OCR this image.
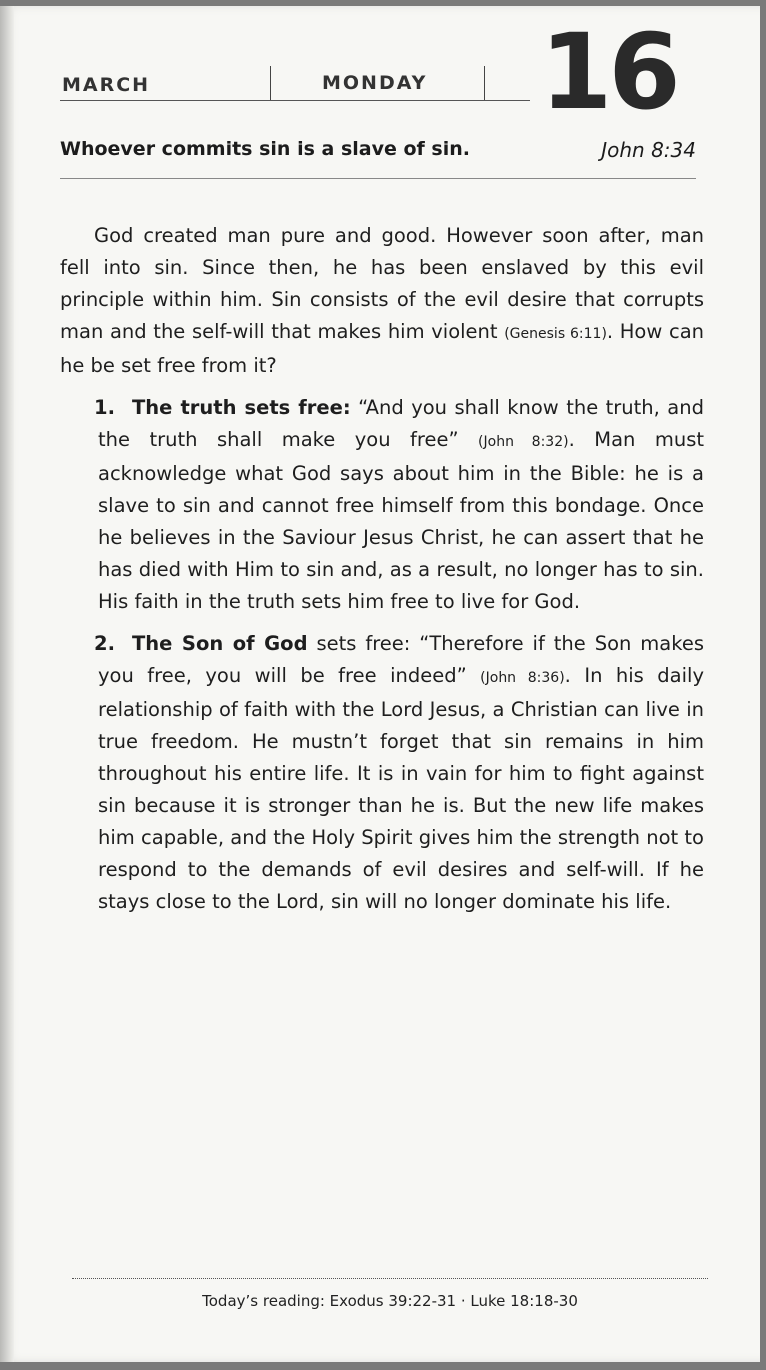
MARCH	MONDAY 16
Whoever commits sin is a slave of sin.	John 8:34

God created man pure and good. However soon after, man fell into sin. Since then, he has been enslaved by this evil principle within him. Sin consists of the evil desire that corrupts man and the self-will that makes him violent (Genesis 6:11). How can he be set free from it?

1. The truth sets free: “And you shall know the truth, and the truth shall make you free” (John 8:32). Man must acknowledge what God says about him in the Bible: he is a slave to sin and cannot free himself from this bondage. Once he believes in the Saviour Jesus Christ, he can assert that he has died with Him to sin and, as a result, no longer has to sin. His faith in the truth sets him free to live for God.

2. The Son of God sets free: “Therefore if the Son makes you free, you will be free indeed” (John 8:36). In his daily relationship of faith with the Lord Jesus, a Christian can live in true freedom. He mustn’t forget that sin remains in him throughout his entire life. It is in vain for him to fight against sin because it is stronger than he is. But the new life makes him capable, and the Holy Spirit gives him the strength not to respond to the demands of evil desires and self-will. If he stays close to the Lord, sin will no longer dominate his life.

Today’s reading: Exodus 39:22-31 · Luke 18:18-30
